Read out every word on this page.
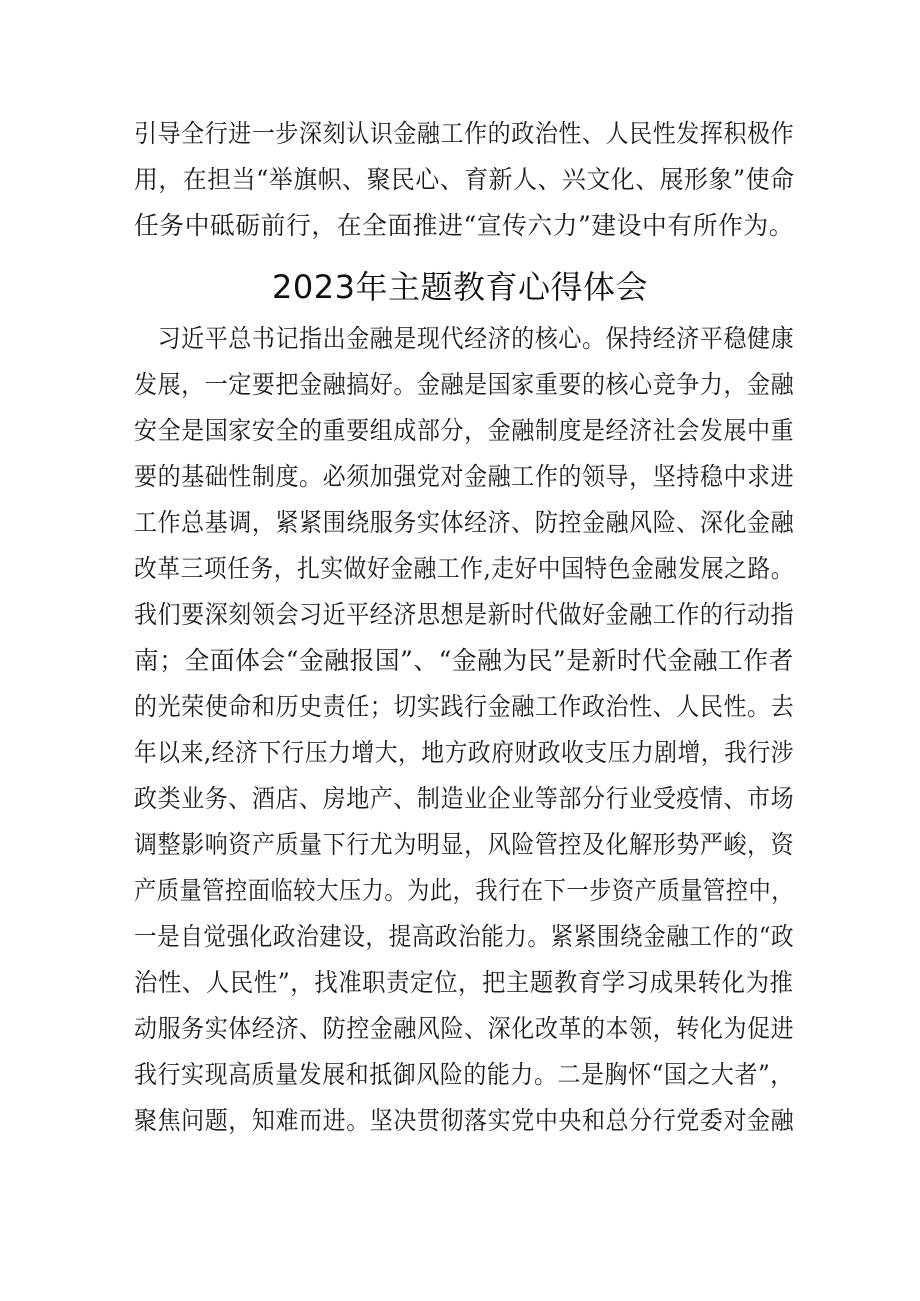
引导全行进一步深刻认识金融工作的政治性、人民性发挥积极作
用，在担当“举旗帜、聚民心、育新人、兴文化、展形象”使命
任务中砥砺前行，在全面推进“宣传六力”建设中有所作为。
2023年主题教育心得体会
　习近平总书记指出金融是现代经济的核心。保持经济平稳健康
发展，一定要把金融搞好。金融是国家重要的核心竞争力，金融
安全是国家安全的重要组成部分，金融制度是经济社会发展中重
要的基础性制度。必须加强党对金融工作的领导，坚持稳中求进
工作总基调，紧紧围绕服务实体经济、防控金融风险、深化金融
改革三项任务，扎实做好金融工作,走好中国特色金融发展之路。
我们要深刻领会习近平经济思想是新时代做好金融工作的行动指
南；全面体会“金融报国”、“金融为民”是新时代金融工作者
的光荣使命和历史责任；切实践行金融工作政治性、人民性。去
年以来,经济下行压力增大，地方政府财政收支压力剧增，我行涉
政类业务、酒店、房地产、制造业企业等部分行业受疫情、市场
调整影响资产质量下行尤为明显，风险管控及化解形势严峻，资
产质量管控面临较大压力。为此，我行在下一步资产质量管控中，
一是自觉强化政治建设，提高政治能力。紧紧围绕金融工作的“政
治性、人民性”，找准职责定位，把主题教育学习成果转化为推
动服务实体经济、防控金融风险、深化改革的本领，转化为促进
我行实现高质量发展和抵御风险的能力。二是胸怀“国之大者”，
聚焦问题，知难而进。坚决贯彻落实党中央和总分行党委对金融
